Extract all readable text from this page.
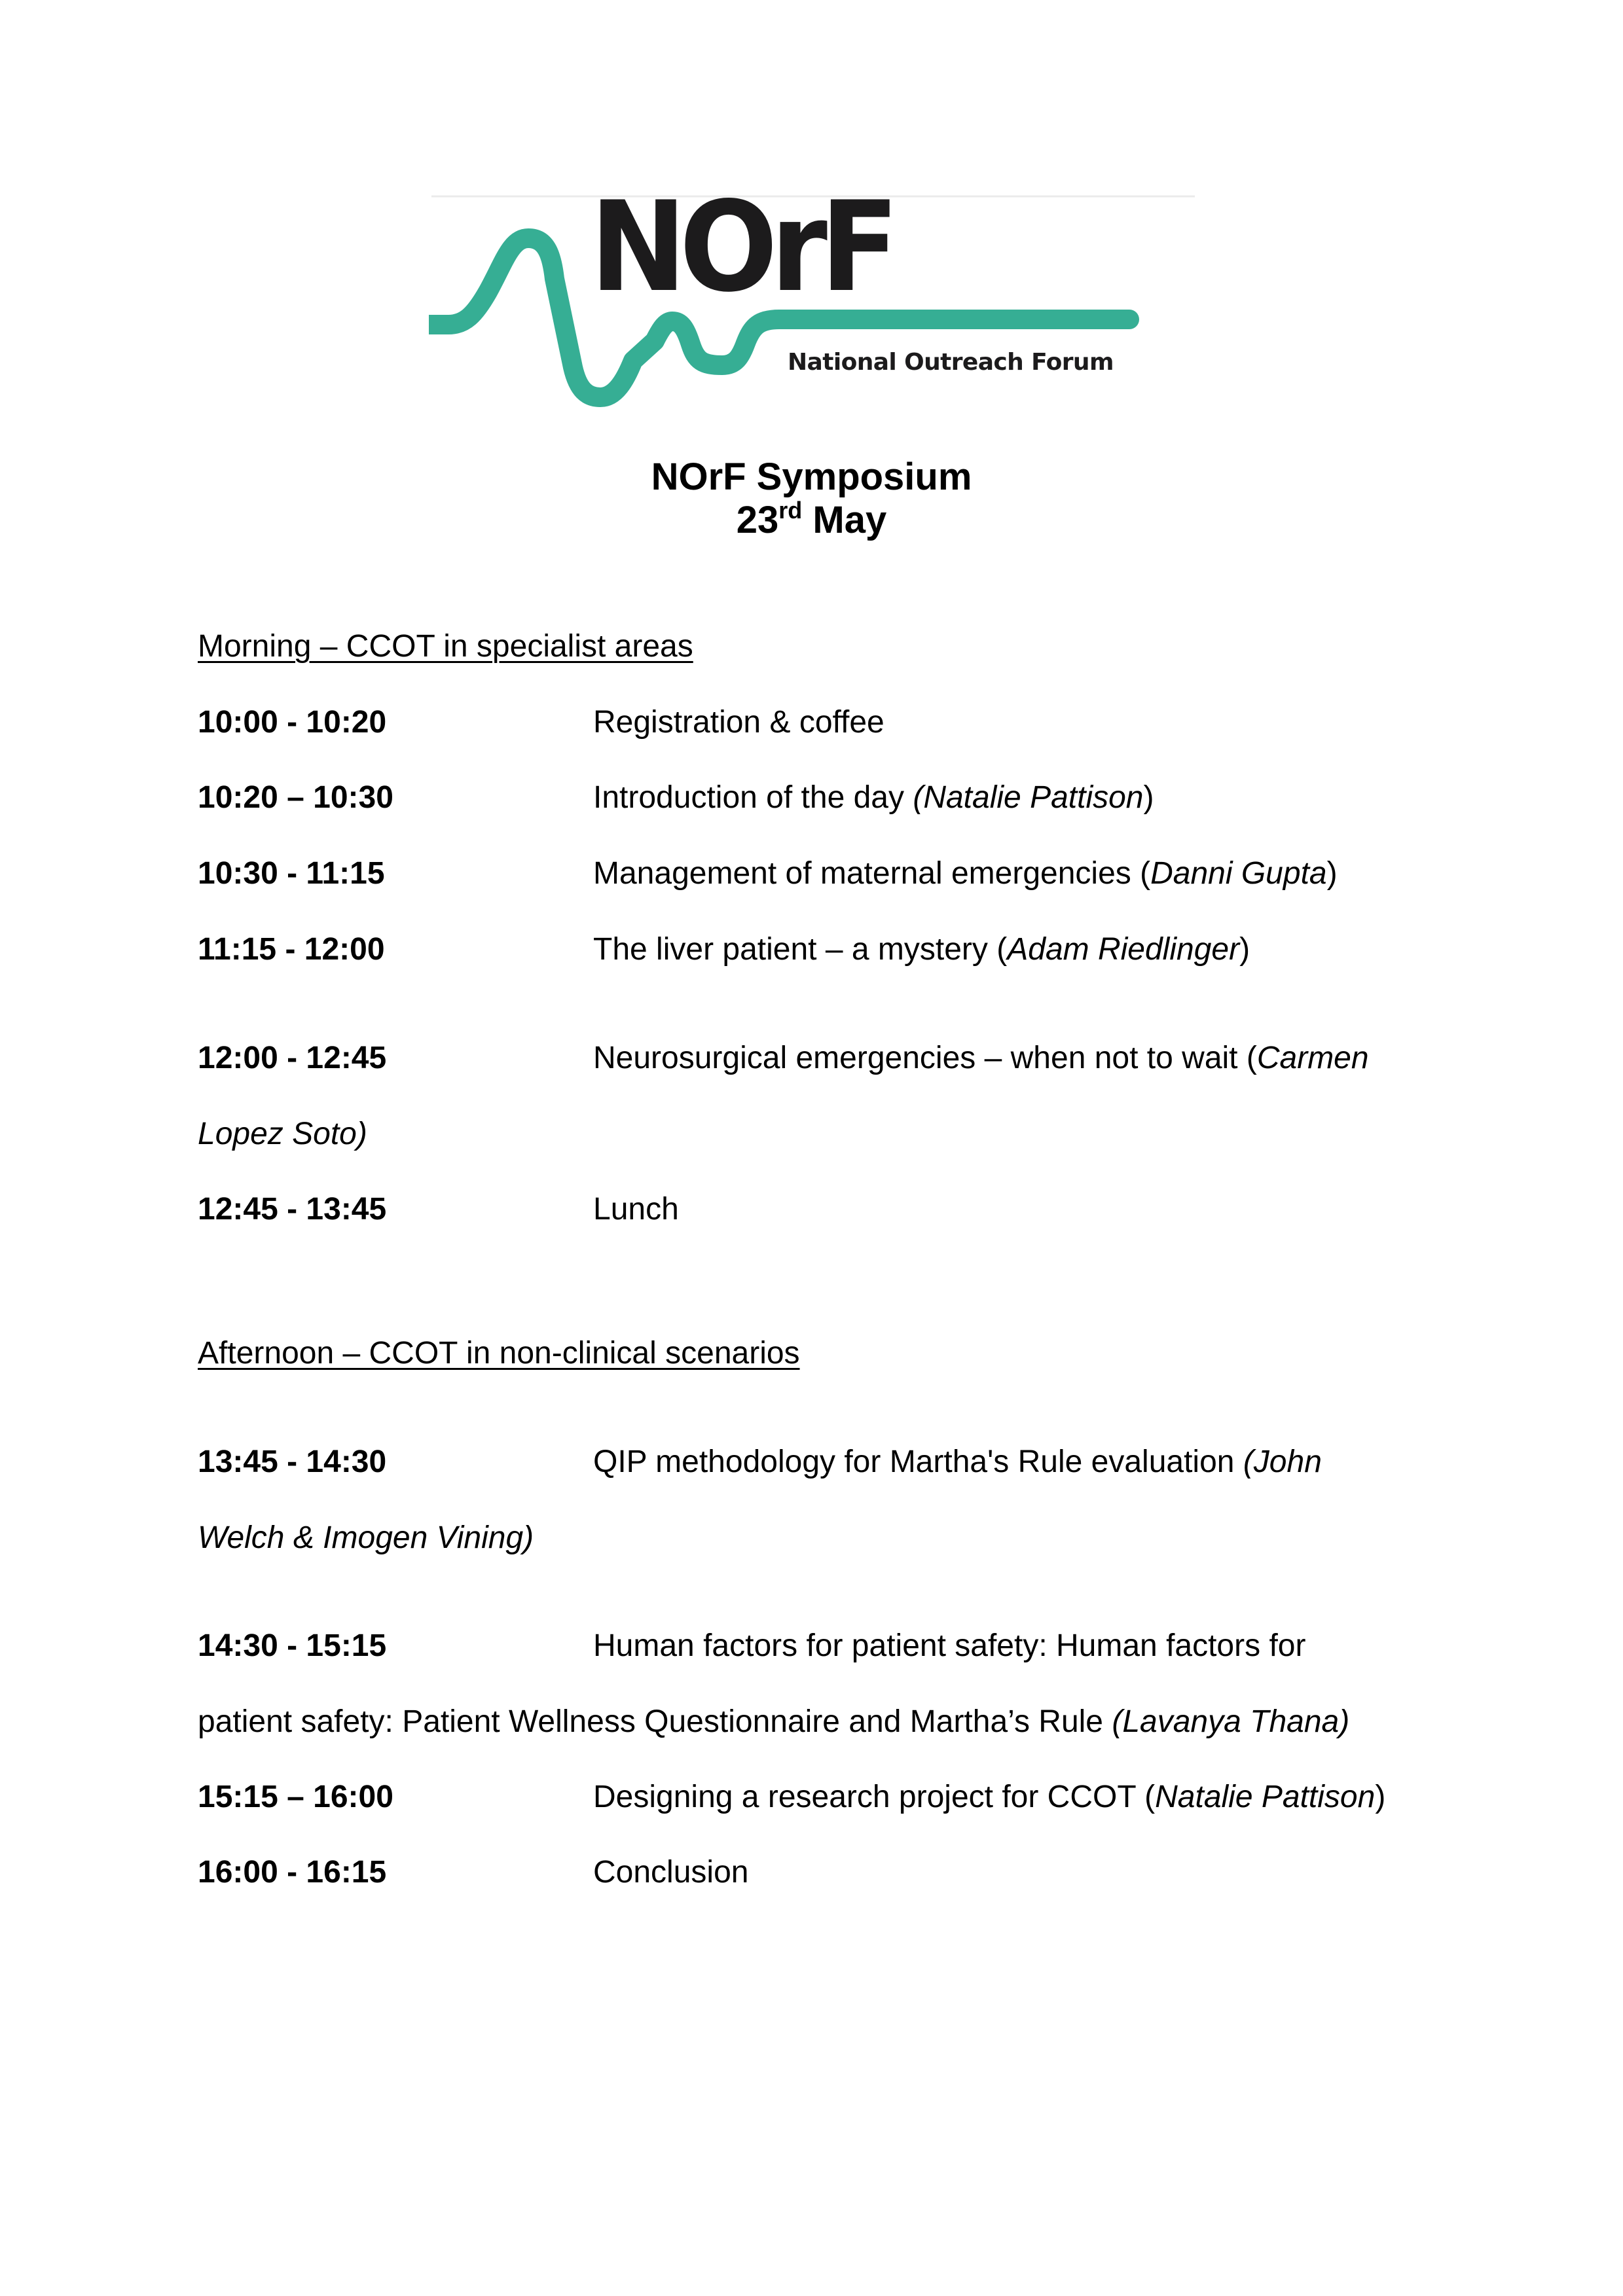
NOrF
National Outreach Forum
NOrF Symposium
23rd May
Morning – CCOT in specialist areas
10:00 - 10:20	Registration & coffee
10:20 – 10:30	Introduction of the day (Natalie Pattison)
10:30 - 11:15	Management of maternal emergencies (Danni Gupta)
11:15 - 12:00	The liver patient – a mystery (Adam Riedlinger)
12:00 - 12:45	Neurosurgical emergencies – when not to wait (Carmen
Lopez Soto)
12:45 - 13:45	Lunch
Afternoon – CCOT in non-clinical scenarios
13:45 - 14:30	QIP methodology for Martha's Rule evaluation (John
Welch & Imogen Vining)
14:30 - 15:15	Human factors for patient safety: Human factors for
patient safety: Patient Wellness Questionnaire and Martha’s Rule (Lavanya Thana)
15:15 – 16:00	Designing a research project for CCOT (Natalie Pattison)
16:00 - 16:15	Conclusion
